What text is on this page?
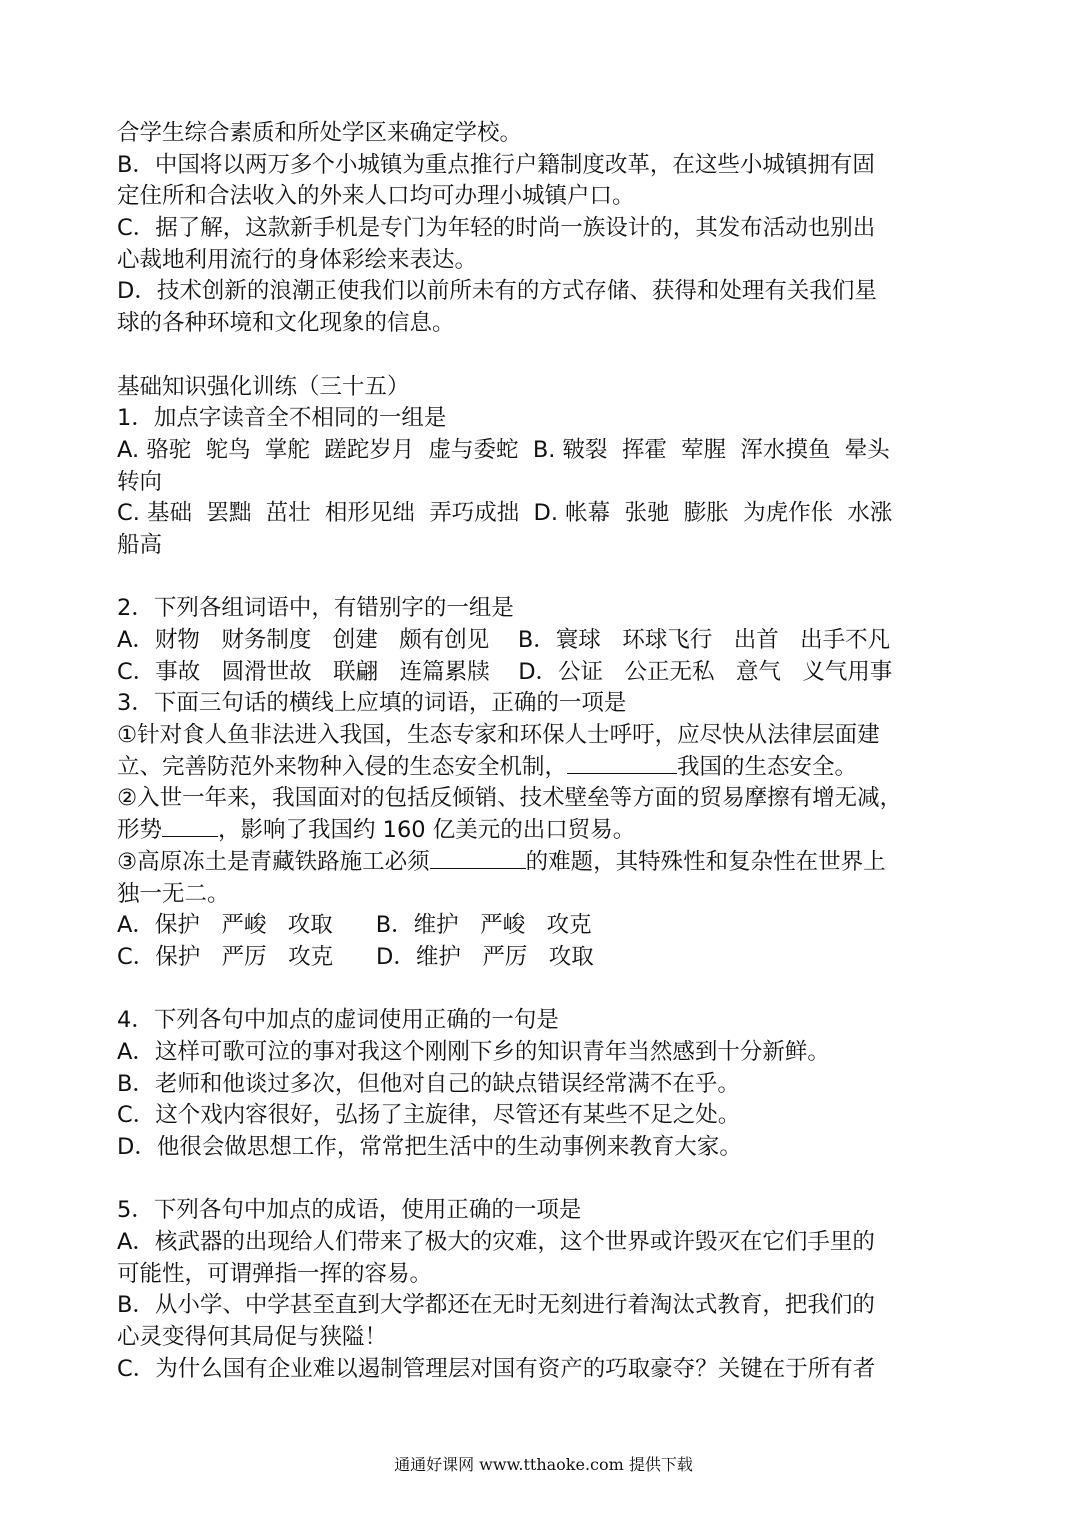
合学生综合素质和所处学区来确定学校。
B．中国将以两万多个小城镇为重点推行户籍制度改革，在这些小城镇拥有固
定住所和合法收入的外来人口均可办理小城镇户口。
C．据了解，这款新手机是专门为年轻的时尚一族设计的，其发布活动也别出
心裁地利用流行的身体彩绘来表达。
D．技术创新的浪潮正使我们以前所未有的方式存储、获得和处理有关我们星
球的各种环境和文化现象的信息。
基础知识强化训练（三十五）
1．加点字读音全不相同的一组是
A. 骆驼  鸵鸟  掌舵  蹉跎岁月  虚与委蛇  B. 皲裂  挥霍  荤腥  浑水摸鱼  晕头
转向
C. 基础  罢黜  茁壮  相形见绌  弄巧成拙  D. 帐幕  张驰  膨胀  为虎作伥  水涨
船高
2．下列各组词语中，有错别字的一组是
A．财物   财务制度   创建   颇有创见    B．寰球   环球飞行   出首   出手不凡
C．事故   圆滑世故   联翩   连篇累牍    D．公证   公正无私   意气   义气用事
3．下面三句话的横线上应填的词语，正确的一项是
①针对食人鱼非法进入我国，生态专家和环保人士呼吁，应尽快从法律层面建
立、完善防范外来物种入侵的生态安全机制，	我国的生态安全。
②入世一年来，我国面对的包括反倾销、技术壁垒等方面的贸易摩擦有增无减，
形势 ，影响了我国约 160 亿美元的出口贸易。
③高原冻土是青藏铁路施工必须	的难题，其特殊性和复杂性在世界上
独一无二。
A．保护   严峻   攻取      B．维护   严峻   攻克
C．保护   严厉   攻克      D．维护   严厉   攻取
4．下列各句中加点的虚词使用正确的一句是
A．这样可歌可泣的事对我这个刚刚下乡的知识青年当然感到十分新鲜。
B．老师和他谈过多次，但他对自己的缺点错误经常满不在乎。
C．这个戏内容很好，弘扬了主旋律，尽管还有某些不足之处。
D．他很会做思想工作，常常把生活中的生动事例来教育大家。
5．下列各句中加点的成语，使用正确的一项是
A．核武器的出现给人们带来了极大的灾难，这个世界或许毁灭在它们手里的
可能性，可谓弹指一挥的容易。
B．从小学、中学甚至直到大学都还在无时无刻进行着淘汰式教育，把我们的
心灵变得何其局促与狭隘！
C．为什么国有企业难以遏制管理层对国有资产的巧取豪夺？关键在于所有者
通通好课网 www.tthaoke.com 提供下载
